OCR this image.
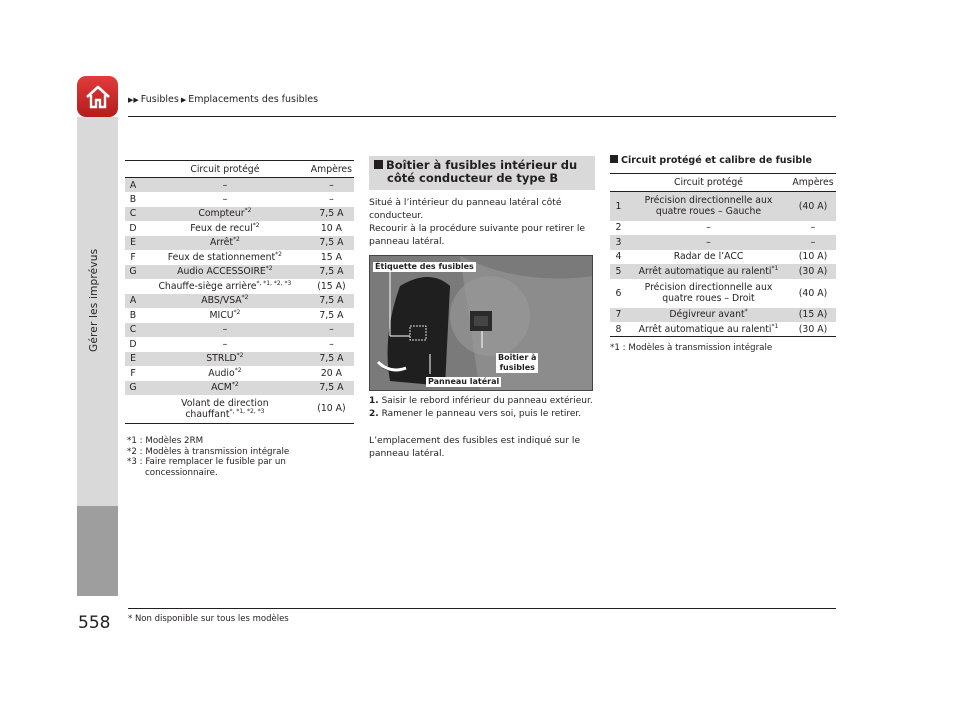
▶▶ Fusibles ▶ Emplacements des fusibles
Gérer les imprévus
	Circuit protégé	Ampères
A	–	–
B	–	–
C	Compteur$^{*2}$	7,5 A
D	Feux de recul$^{*2}$	10 A
E	Arrêt$^{*2}$	7,5 A
F	Feux de stationnement$^{*2}$	15 A
G	Audio ACCESSOIRE$^{*2}$	7,5 A
	Chauffe-siège arrière$^{*, *1, *2, *3}$	(15 A)
A	ABS/VSA$^{*2}$	7,5 A
B	MICU$^{*2}$	7,5 A
C	–	–
D	–	–
E	STRLD$^{*2}$	7,5 A
F	Audio$^{*2}$	20 A
G	ACM$^{*2}$	7,5 A

	Volant de direction
chauffant$^{*, *1, *2, *3}$	(10 A)
*1 : Modèles 2RM
*2 : Modèles à transmission intégrale
*3 : Faire remplacer le fusible par un
concessionnaire.
Boîtier à fusibles intérieur du
côté conducteur de type B
Situé à l’intérieur du panneau latéral côté
conducteur.
Recourir à la procédure suivante pour retirer le
panneau latéral.
Étiquette des fusibles
Boîtier à
fusibles
Panneau latéral
1. Saisir le rebord inférieur du panneau extérieur.
2. Ramener le panneau vers soi, puis le retirer.
L’emplacement des fusibles est indiqué sur le
panneau latéral.
Circuit protégé et calibre de fusible
	Circuit protégé	Ampères
1	Précision directionnelle aux
quatre roues – Gauche	(40 A)
2	–	–
3	–	–
4	Radar de l’ACC	(10 A)
5	Arrêt automatique au ralenti$^{*1}$	(30 A)
6	Précision directionnelle aux
quatre roues – Droit	(40 A)
7	Dégivreur avant*	(15 A)
8	Arrêt automatique au ralenti$^{*1}$	(30 A)
*1 : Modèles à transmission intégrale
558 * Non disponible sur tous les modèles
